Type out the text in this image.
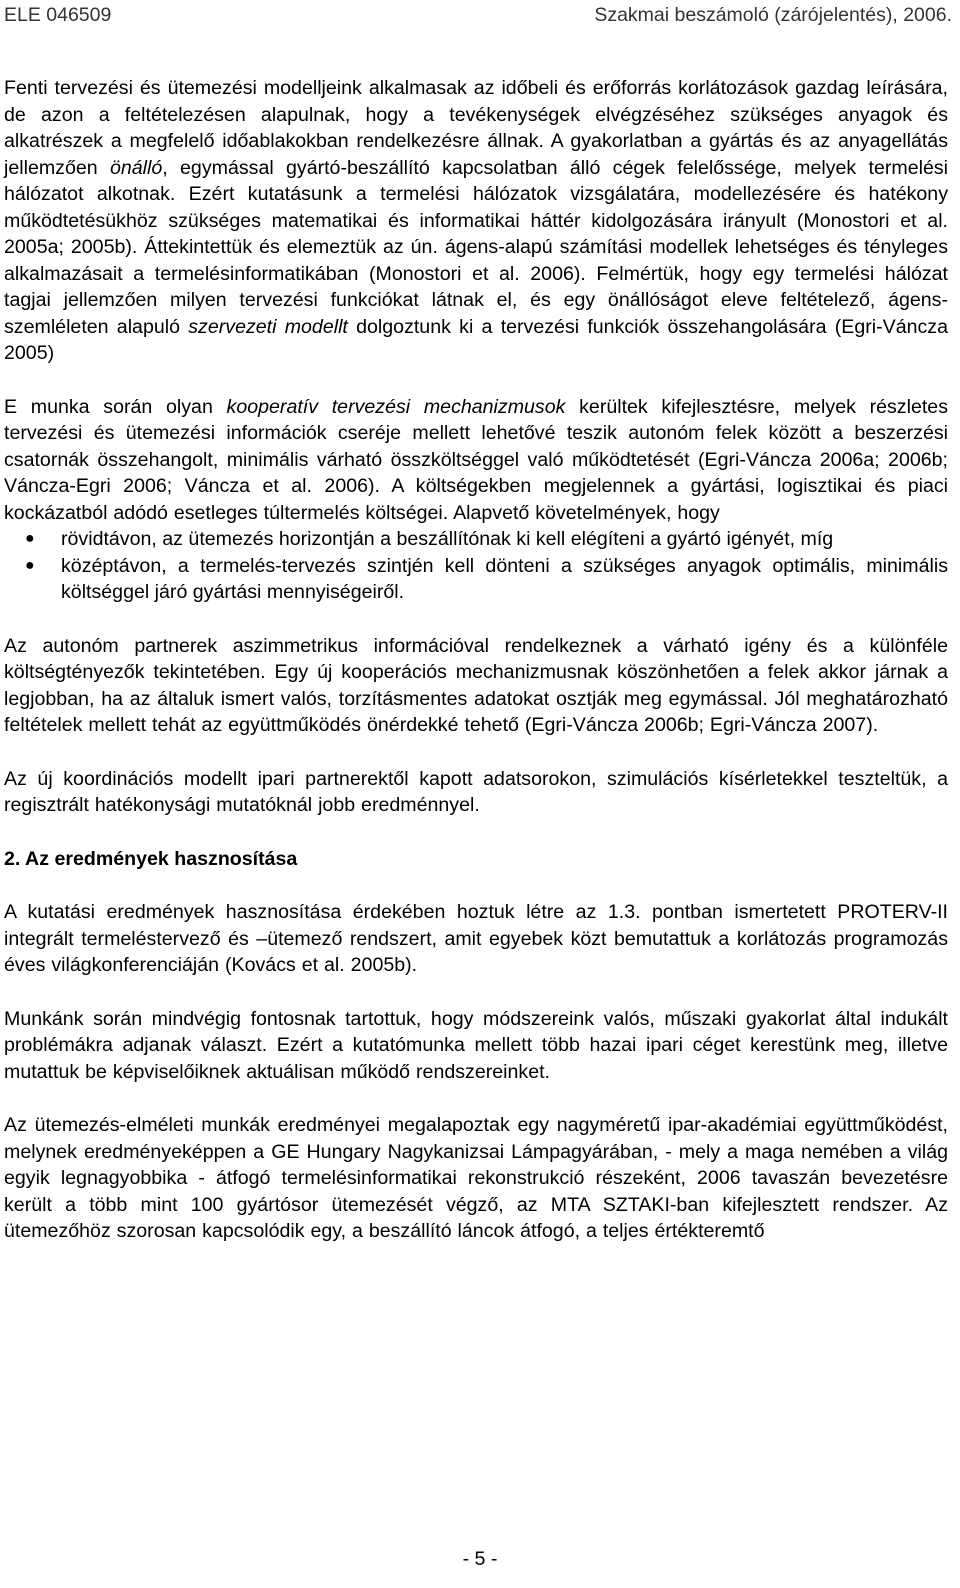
ELE 046509	Szakmai beszámoló (zárójelentés), 2006.

Fenti tervezési és ütemezési modelljeink alkalmasak az időbeli és erőforrás korlátozások gazdag leírására, de azon a feltételezésen alapulnak, hogy a tevékenységek elvégzéséhez szükséges anyagok és alkatrészek a megfelelő időablakokban rendelkezésre állnak. A gyakorlatban a gyártás és az anyagellátás jellemzően önálló, egymással gyártó-beszállító kapcsolatban álló cégek felelőssége, melyek termelési hálózatot alkotnak. Ezért kutatásunk a termelési hálózatok vizsgálatára, modellezésére és hatékony működtetésükhöz szükséges matematikai és informatikai háttér kidolgozására irányult (Monostori et al. 2005a; 2005b). Áttekintettük és elemeztük az ún. ágens-alapú számítási modellek lehetséges és tényleges alkalmazásait a termelésinformatikában (Monostori et al. 2006). Felmértük, hogy egy termelési hálózat tagjai jellemzően milyen tervezési funkciókat látnak el, és egy önállóságot eleve feltételező, ágens-szemléleten alapuló szervezeti modellt dolgoztunk ki a tervezési funkciók összehangolására (Egri-Váncza 2005)

E munka során olyan kooperatív tervezési mechanizmusok kerültek kifejlesztésre, melyek részletes tervezési és ütemezési információk cseréje mellett lehetővé teszik autonóm felek között a beszerzési csatornák összehangolt, minimális várható összköltséggel való működtetését (Egri-Váncza 2006a; 2006b; Váncza-Egri 2006; Váncza et al. 2006). A költségekben megjelennek a gyártási, logisztikai és piaci kockázatból adódó esetleges túltermelés költségei. Alapvető követelmények, hogy

● rövidtávon, az ütemezés horizontján a beszállítónak ki kell elégíteni a gyártó igényét, míg
● középtávon, a termelés-tervezés szintjén kell dönteni a szükséges anyagok optimális, minimális költséggel járó gyártási mennyiségeiről.

Az autonóm partnerek aszimmetrikus információval rendelkeznek a várható igény és a különféle költségtényezők tekintetében. Egy új kooperációs mechanizmusnak köszönhetően a felek akkor járnak a legjobban, ha az általuk ismert valós, torzításmentes adatokat osztják meg egymással. Jól meghatározható feltételek mellett tehát az együttműködés önérdekké tehető (Egri-Váncza 2006b; Egri-Váncza 2007).

Az új koordinációs modellt ipari partnerektől kapott adatsorokon, szimulációs kísérletekkel teszteltük, a regisztrált hatékonysági mutatóknál jobb eredménnyel.

2. Az eredmények hasznosítása

A kutatási eredmények hasznosítása érdekében hoztuk létre az 1.3. pontban ismertetett PROTERV-II integrált termeléstervező és –ütemező rendszert, amit egyebek közt bemutattuk a korlátozás programozás éves világkonferenciáján (Kovács et al. 2005b).

Munkánk során mindvégig fontosnak tartottuk, hogy módszereink valós, műszaki gyakorlat által indukált problémákra adjanak választ. Ezért a kutatómunka mellett több hazai ipari céget kerestünk meg, illetve mutattuk be képviselőiknek aktuálisan működő rendszereinket.

Az ütemezés-elméleti munkák eredményei megalapoztak egy nagyméretű ipar-akadémiai együttműködést, melynek eredményeképpen a GE Hungary Nagykanizsai Lámpagyárában, - mely a maga nemében a világ egyik legnagyobbika - átfogó termelésinformatikai rekonstrukció részeként, 2006 tavaszán bevezetésre került a több mint 100 gyártósor ütemezését végző, az MTA SZTAKI-ban kifejlesztett rendszer. Az ütemezőhöz szorosan kapcsolódik egy, a beszállító láncok átfogó, a teljes értékteremtő

- 5 -
